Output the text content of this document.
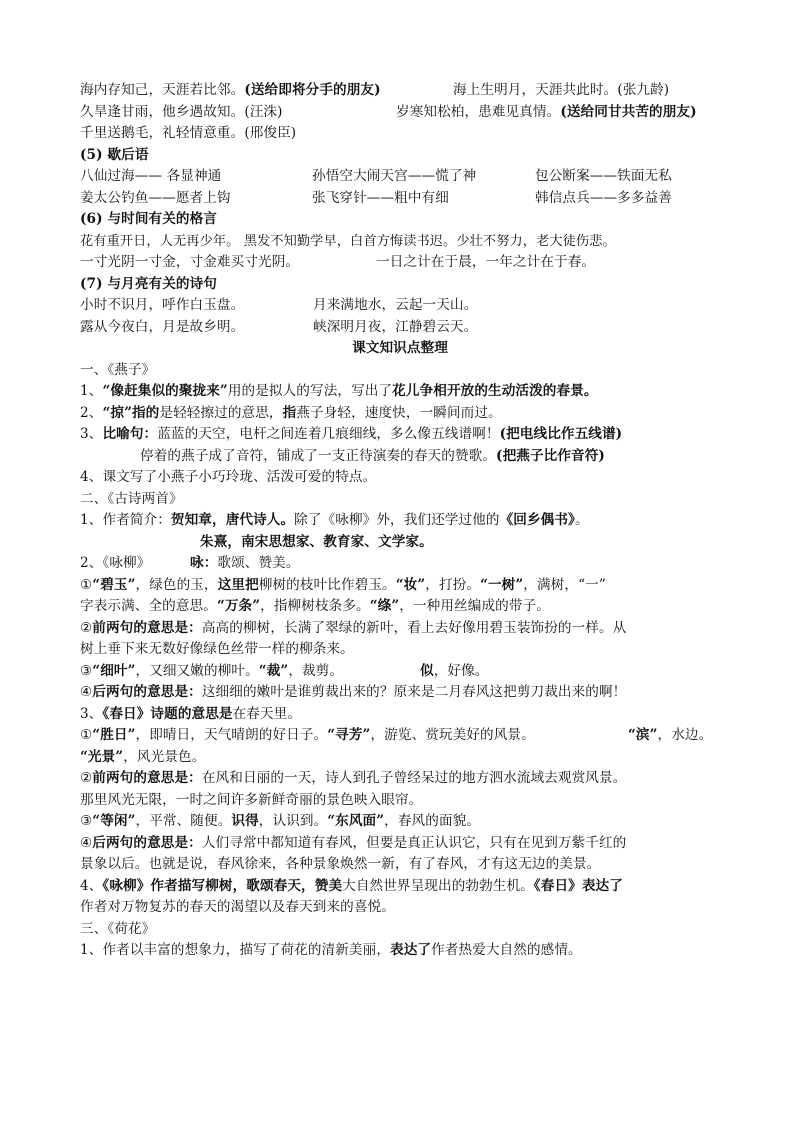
海内存知己，天涯若比邻。(送给即将分手的朋友)	海上生明月，天涯共此时。(张九龄)
久旱逢甘雨，他乡遇故知。(汪洙)	岁寒知松柏，患难见真情。(送给同甘共苦的朋友)
千里送鹅毛，礼轻情意重。(邢俊臣)
(5) 歇后语
八仙过海—— 各显神通	孙悟空大闹天宫——慌了神	包公断案——铁面无私
姜太公钓鱼——愿者上钩	张飞穿针——粗中有细	韩信点兵——多多益善
(6) 与时间有关的格言
花有重开日，人无再少年。 黑发不知勤学早，白首方悔读书迟。少壮不努力，老大徒伤悲。
一寸光阴一寸金，寸金难买寸光阴。	一日之计在于晨，一年之计在于春。
(7) 与月亮有关的诗句
小时不识月，呼作白玉盘。	月来满地水，云起一天山。
露从今夜白，月是故乡明。	峡深明月夜，江静碧云天。
课文知识点整理
一、《燕子》
1、“像赶集似的聚拢来”用的是拟人的写法，写出了花儿争相开放的生动活泼的春景。
2、“掠”指的是轻轻擦过的意思，指燕子身轻，速度快，一瞬间而过。
3、比喻句：蓝蓝的天空，电杆之间连着几痕细线，多么像五线谱啊！(把电线比作五线谱)
停着的燕子成了音符，铺成了一支正待演奏的春天的赞歌。(把燕子比作音符)
4、课文写了小燕子小巧玲珑、活泼可爱的特点。
二、《古诗两首》
1、作者简介：贺知章，唐代诗人。除了《咏柳》外，我们还学过他的《回乡偶书》。
朱熹，南宋思想家、教育家、文学家。
2、《咏柳》	咏：歌颂、赞美。
①“碧玉”，绿色的玉，这里把柳树的枝叶比作碧玉。“妆”，打扮。“一树”，满树，“一”
字表示满、全的意思。“万条”，指柳树枝条多。“绦”，一种用丝编成的带子。
②前两句的意思是：高高的柳树，长满了翠绿的新叶，看上去好像用碧玉装饰扮的一样。从
树上垂下来无数好像绿色丝带一样的柳条来。
③“细叶”，又细又嫩的柳叶。“裁”，裁剪。	似，好像。
④后两句的意思是：这细细的嫩叶是谁剪裁出来的？原来是二月春风这把剪刀裁出来的啊！
3、《春日》诗题的意思是在春天里。
①“胜日”，即晴日，天气晴朗的好日子。“寻芳”，游览、赏玩美好的风景。	“滨”，水边。
“光景”，风光景色。
②前两句的意思是：在风和日丽的一天，诗人到孔子曾经呆过的地方泗水流域去观赏风景。
那里风光无限，一时之间许多新鲜奇丽的景色映入眼帘。
③“等闲”，平常、随便。识得，认识到。“东风面”，春风的面貌。
④后两句的意思是：人们寻常中都知道有春风，但要是真正认识它，只有在见到万紫千红的
景象以后。也就是说，春风徐来，各种景象焕然一新，有了春风，才有这无边的美景。
4、《咏柳》作者描写柳树，歌颂春天，赞美大自然世界呈现出的勃勃生机。《春日》表达了
作者对万物复苏的春天的渴望以及春天到来的喜悦。
三、《荷花》
1、作者以丰富的想象力，描写了荷花的清新美丽，表达了作者热爱大自然的感情。
